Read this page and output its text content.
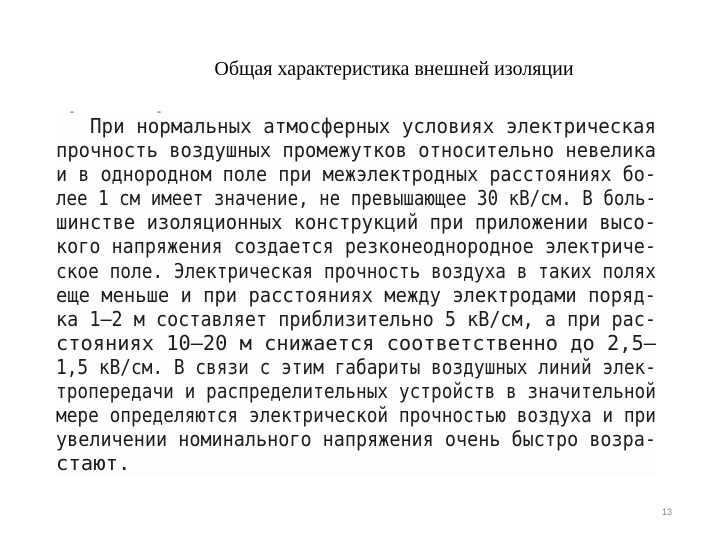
Общая характеристика внешней изоляции
- -
При нормальных атмосферных условиях электрическая
прочность воздушных промежутков относительно невелика
и в однородном поле при межэлектродных расстояниях бо-
лее 1 см имеет значение, не превышающее 30 кВ/см. В боль-
шинстве изоляционных конструкций при приложении высо-
кого напряжения создается резконеоднородное электриче-
ское поле. Электрическая прочность воздуха в таких полях
еще меньше и при расстояниях между электродами поряд-
ка 1—2 м составляет приблизительно 5 кВ/см, а при рас-
стояниях 10—20 м снижается соответственно до 2,5—
1,5 кВ/см. В связи с этим габариты воздушных линий элек-
тропередачи и распределительных устройств в значительной
мере определяются электрической прочностью воздуха и при
увеличении номинального напряжения очень быстро возра-
стают.
13
